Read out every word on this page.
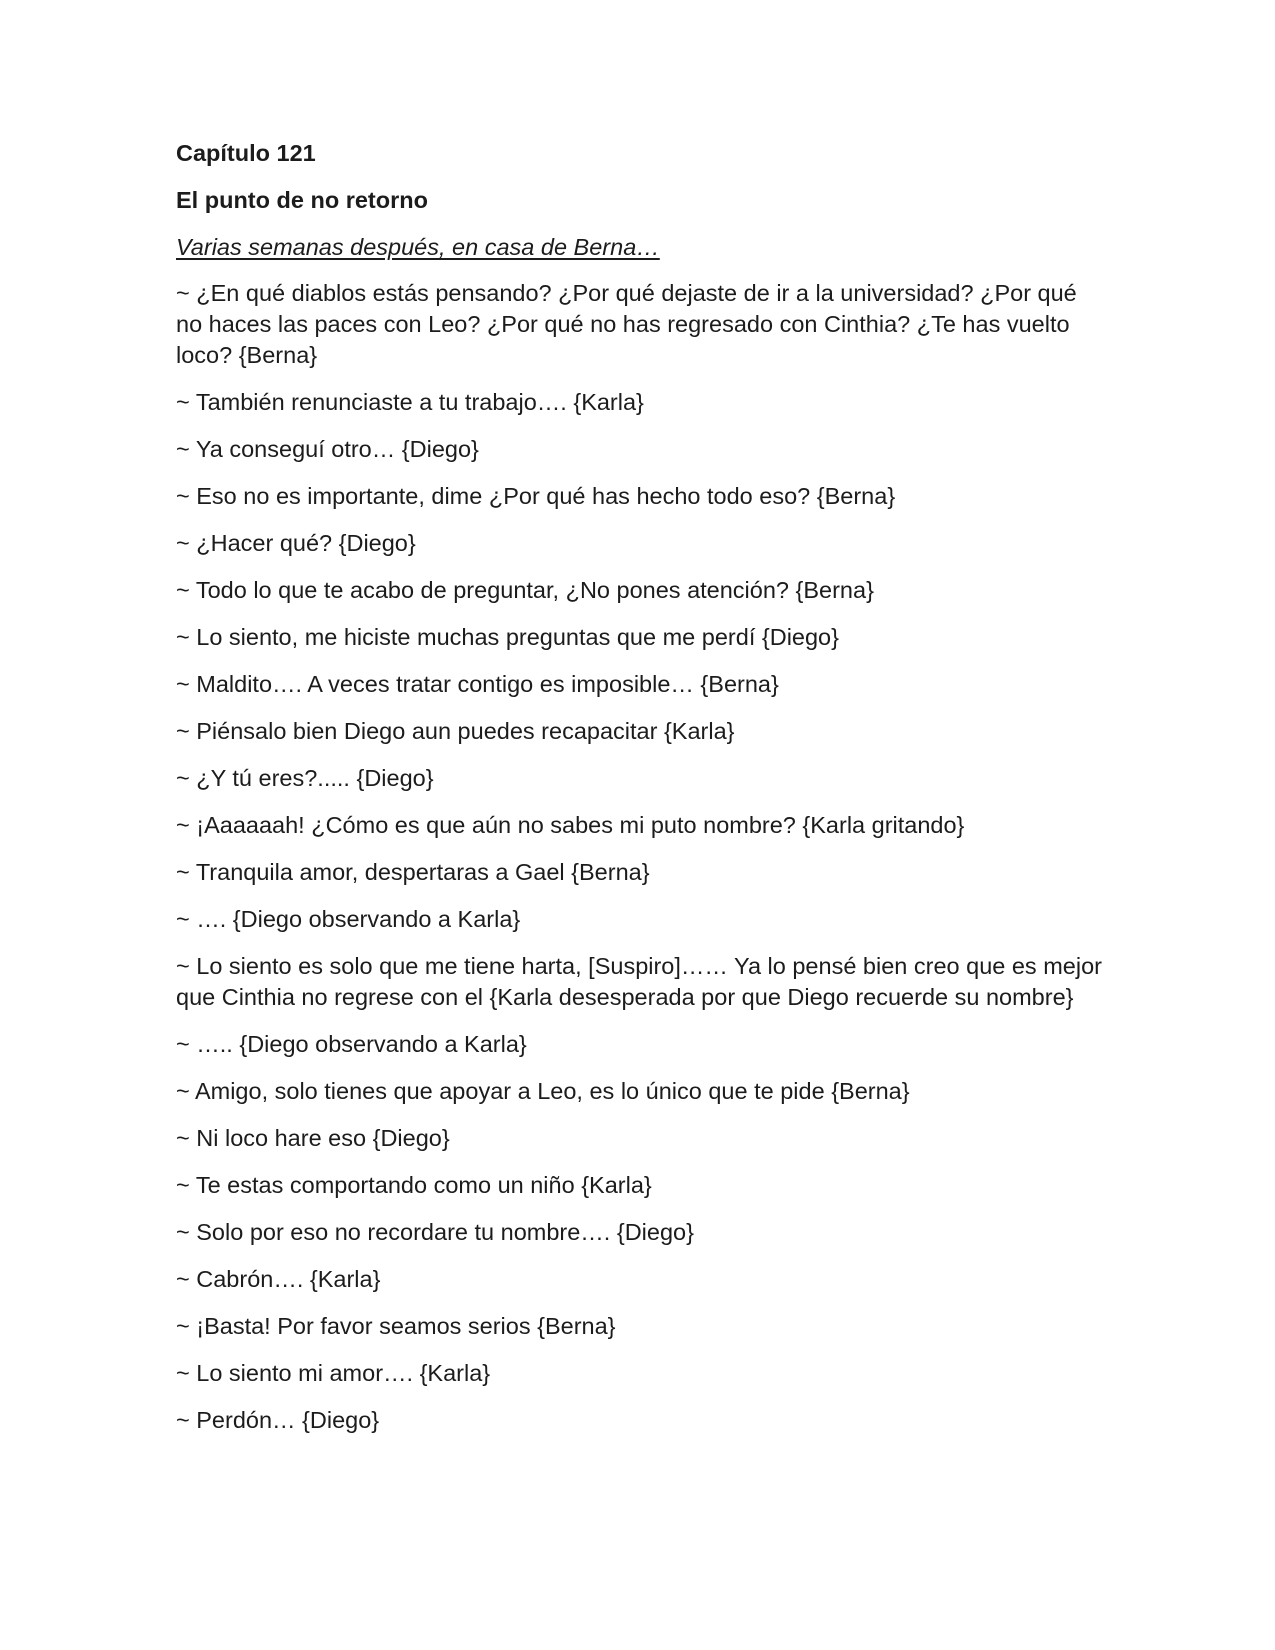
Capítulo 121
El punto de no retorno
Varias semanas después, en casa de Berna…

~ ¿En qué diablos estás pensando? ¿Por qué dejaste de ir a la universidad? ¿Por qué no haces las paces con Leo? ¿Por qué no has regresado con Cinthia? ¿Te has vuelto loco? {Berna}

~ También renunciaste a tu trabajo…. {Karla}

~ Ya conseguí otro… {Diego}

~ Eso no es importante, dime ¿Por qué has hecho todo eso? {Berna}

~ ¿Hacer qué? {Diego}

~ Todo lo que te acabo de preguntar, ¿No pones atención? {Berna}

~ Lo siento, me hiciste muchas preguntas que me perdí {Diego}

~ Maldito…. A veces tratar contigo es imposible… {Berna}

~ Piénsalo bien Diego aun puedes recapacitar {Karla}

~ ¿Y tú eres?..... {Diego}

~ ¡Aaaaaah! ¿Cómo es que aún no sabes mi puto nombre? {Karla gritando}

~ Tranquila amor, despertaras a Gael {Berna}

~ …. {Diego observando a Karla}

~ Lo siento es solo que me tiene harta, [Suspiro]…… Ya lo pensé bien creo que es mejor que Cinthia no regrese con el {Karla desesperada por que Diego recuerde su nombre}

~ ….. {Diego observando a Karla}

~ Amigo, solo tienes que apoyar a Leo, es lo único que te pide {Berna}

~ Ni loco hare eso {Diego}

~ Te estas comportando como un niño {Karla}

~ Solo por eso no recordare tu nombre…. {Diego}

~ Cabrón…. {Karla}

~ ¡Basta! Por favor seamos serios {Berna}

~ Lo siento mi amor…. {Karla}

~ Perdón… {Diego}
